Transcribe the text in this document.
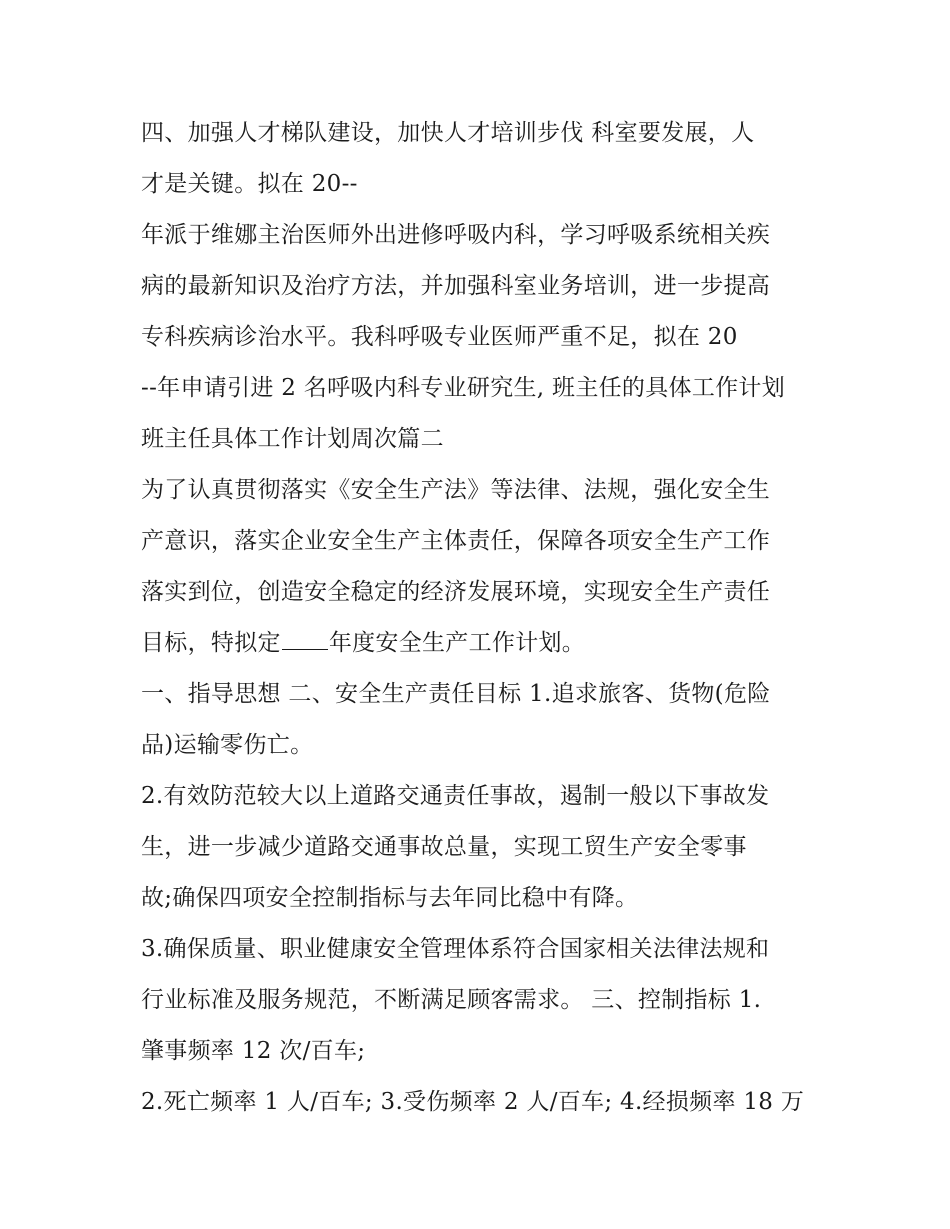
四、加强人才梯队建设，加快人才培训步伐 科室要发展，人
才是关键。拟在 20--
年派于维娜主治医师外出进修呼吸内科，学习呼吸系统相关疾
病的最新知识及治疗方法，并加强科室业务培训，进一步提高
专科疾病诊治水平。我科呼吸专业医师严重不足，拟在 20
--年申请引进 2 名呼吸内科专业研究生, 班主任的具体工作计划
班主任具体工作计划周次篇二
为了认真贯彻落实《安全生产法》等法律、法规，强化安全生
产意识，落实企业安全生产主体责任，保障各项安全生产工作
落实到位，创造安全稳定的经济发展环境，实现安全生产责任
目标，特拟定 年度安全生产工作计划。
一、指导思想 二、安全生产责任目标 1.追求旅客、货物(危险
品)运输零伤亡。
2.有效防范较大以上道路交通责任事故，遏制一般以下事故发
生，进一步减少道路交通事故总量，实现工贸生产安全零事
故;确保四项安全控制指标与去年同比稳中有降。
3.确保质量、职业健康安全管理体系符合国家相关法律法规和
行业标准及服务规范，不断满足顾客需求。 三、控制指标 1.
肇事频率 12 次/百车;
2.死亡频率 1 人/百车; 3.受伤频率 2 人/百车; 4.经损频率 18 万
